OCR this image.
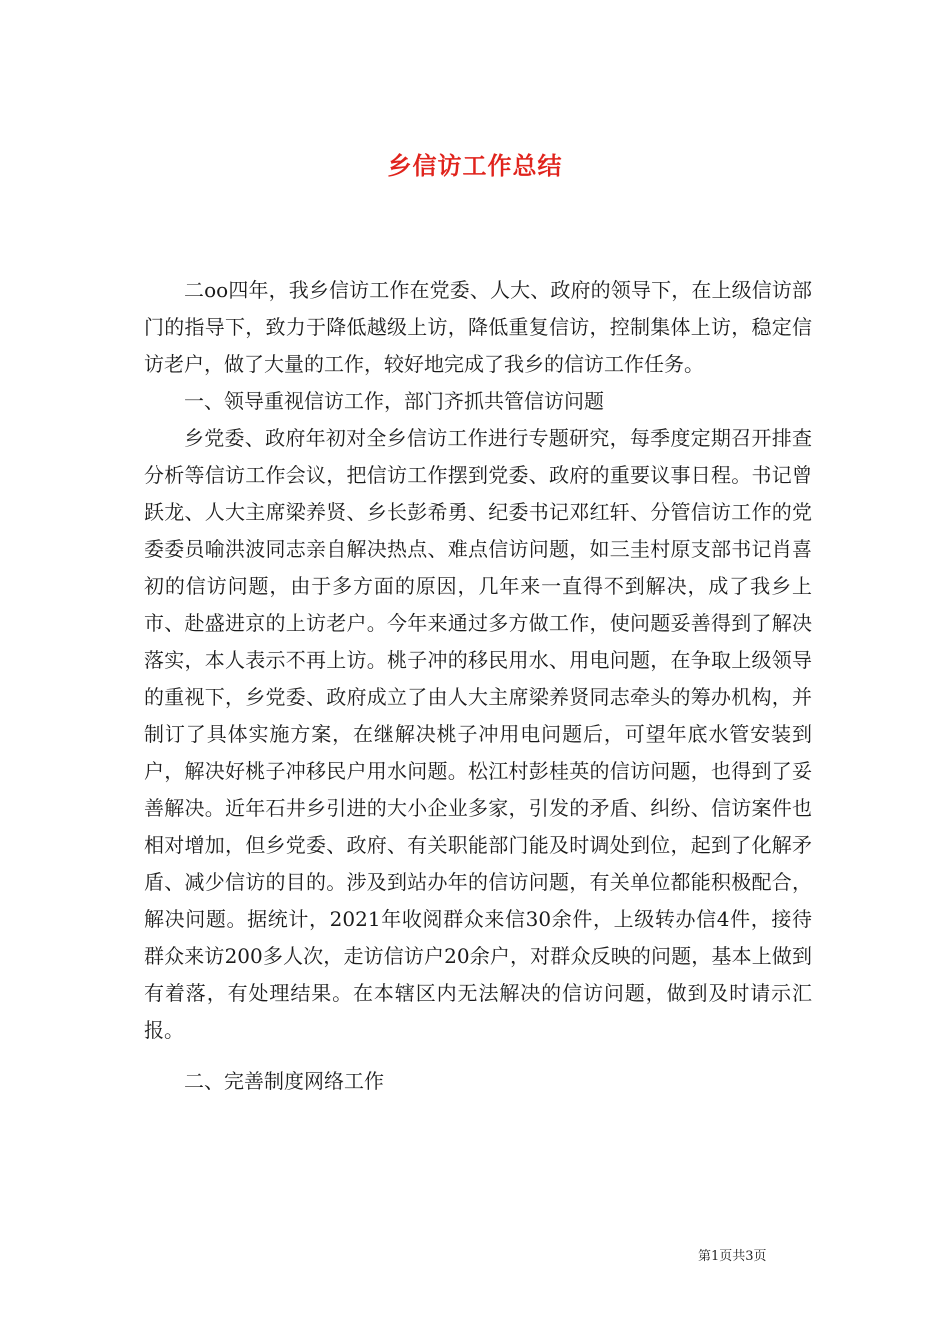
乡信访工作总结

二oo四年，我乡信访工作在党委、人大、政府的领导下，在上级信访部门的指导下，致力于降低越级上访，降低重复信访，控制集体上访，稳定信访老户，做了大量的工作，较好地完成了我乡的信访工作任务。

一、领导重视信访工作，部门齐抓共管信访问题

乡党委、政府年初对全乡信访工作进行专题研究，每季度定期召开排查分析等信访工作会议，把信访工作摆到党委、政府的重要议事日程。书记曾跃龙、人大主席梁养贤、乡长彭希勇、纪委书记邓红轩、分管信访工作的党委委员喻洪波同志亲自解决热点、难点信访问题，如三圭村原支部书记肖喜初的信访问题，由于多方面的原因，几年来一直得不到解决，成了我乡上市、赴盛进京的上访老户。今年来通过多方做工作，使问题妥善得到了解决落实，本人表示不再上访。桃子冲的移民用水、用电问题，在争取上级领导的重视下，乡党委、政府成立了由人大主席梁养贤同志牵头的筹办机构，并制订了具体实施方案，在继解决桃子冲用电问题后，可望年底水管安装到户，解决好桃子冲移民户用水问题。松江村彭桂英的信访问题，也得到了妥善解决。近年石井乡引进的大小企业多家，引发的矛盾、纠纷、信访案件也相对增加，但乡党委、政府、有关职能部门能及时调处到位，起到了化解矛盾、减少信访的目的。涉及到站办年的信访问题，有关单位都能积极配合，解决问题。据统计，2021年收阅群众来信30余件，上级转办信4件，接待群众来访200多人次，走访信访户20余户，对群众反映的问题，基本上做到有着落，有处理结果。在本辖区内无法解决的信访问题，做到及时请示汇报。

二、完善制度网络工作

第1页共3页
